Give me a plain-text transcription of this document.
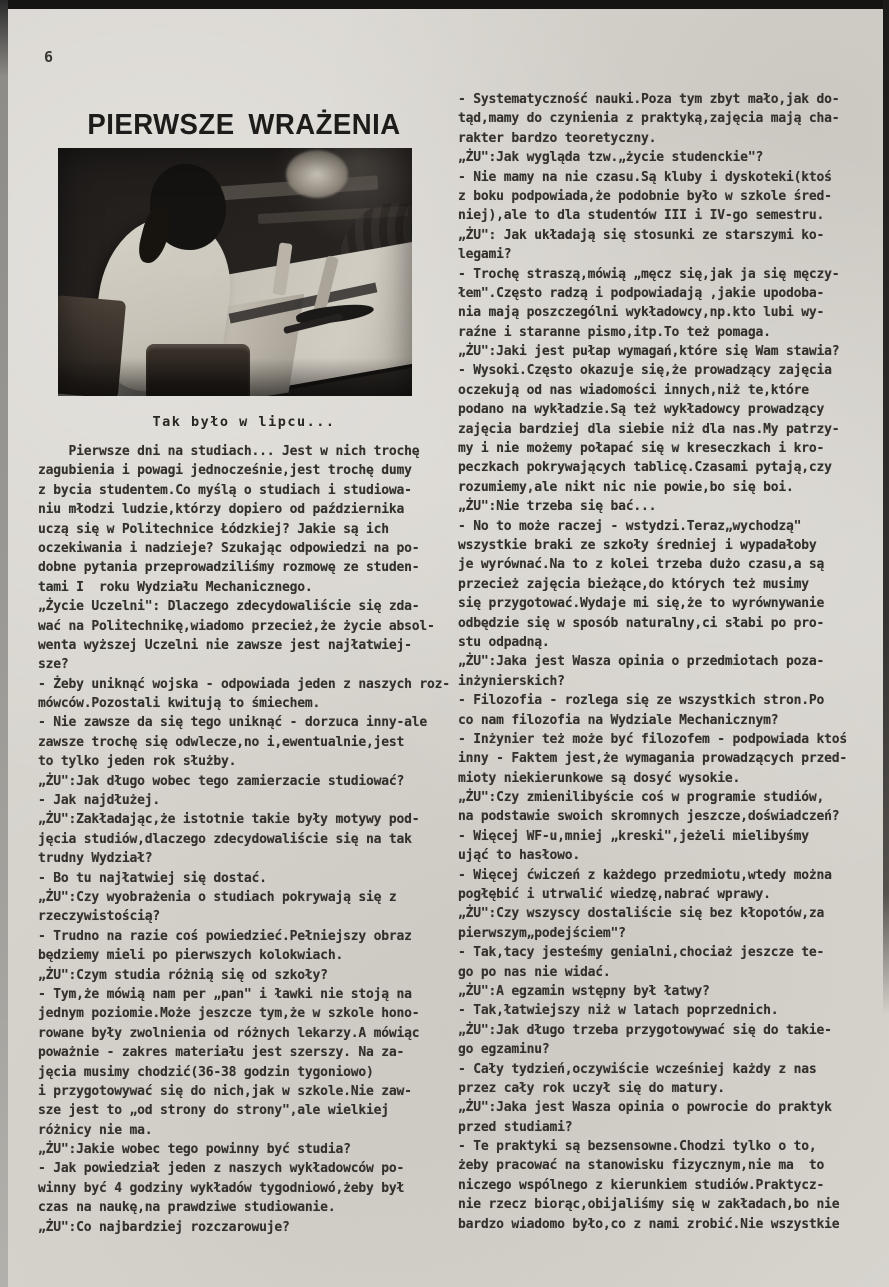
6
PIERWSZE WRAŻENIA
Tak było w lipcu...
Pierwsze dni na studiach... Jest w nich trochę
zagubienia i powagi jednocześnie,jest trochę dumy
z bycia studentem.Co myślą o studiach i studiowa-
niu młodzi ludzie,którzy dopiero od października
uczą się w Politechnice Łódzkiej? Jakie są ich
oczekiwania i nadzieje? Szukając odpowiedzi na po-
dobne pytania przeprowadziliśmy rozmowę ze studen-
tami I  roku Wydziału Mechanicznego.
„Życie Uczelni": Dlaczego zdecydowaliście się zda-
wać na Politechnikę,wiadomo przecież,że życie absol-
wenta wyższej Uczelni nie zawsze jest najłatwiej-
sze?
- Żeby uniknąć wojska - odpowiada jeden z naszych roz-
mówców.Pozostali kwitują to śmiechem.
- Nie zawsze da się tego uniknąć - dorzuca inny-ale
zawsze trochę się odwlecze,no i,ewentualnie,jest
to tylko jeden rok służby.
„ŻU":Jak długo wobec tego zamierzacie studiować?
- Jak najdłużej.
„ŻU":Zakładając,że istotnie takie były motywy pod-
jęcia studiów,dlaczego zdecydowaliście się na tak
trudny Wydział?
- Bo tu najłatwiej się dostać.
„ŻU":Czy wyobrażenia o studiach pokrywają się z
rzeczywistością?
- Trudno na razie coś powiedzieć.Pełniejszy obraz
będziemy mieli po pierwszych kolokwiach.
„ŻU":Czym studia różnią się od szkoły?
- Tym,że mówią nam per „pan" i ławki nie stoją na
jednym poziomie.Może jeszcze tym,że w szkole hono-
rowane były zwolnienia od różnych lekarzy.A mówiąc
poważnie - zakres materiału jest szerszy. Na za-
jęcia musimy chodzić(36-38 godzin tygoniowo)
i przygotowywać się do nich,jak w szkole.Nie zaw-
sze jest to „od strony do strony",ale wielkiej
różnicy nie ma.
„ŻU":Jakie wobec tego powinny być studia?
- Jak powiedział jeden z naszych wykładowców po-
winny być 4 godziny wykładów tygodniowó,żeby był
czas na naukę,na prawdziwe studiowanie.
„ŻU":Co najbardziej rozczarowuje?
- Systematyczność nauki.Poza tym zbyt mało,jak do-
tąd,mamy do czynienia z praktyką,zajęcia mają cha-
rakter bardzo teoretyczny.
„ŻU":Jak wygląda tzw.„życie studenckie"?
- Nie mamy na nie czasu.Są kluby i dyskoteki(ktoś
z boku podpowiada,że podobnie było w szkole śred-
niej),ale to dla studentów III i IV-go semestru.
„ŻU": Jak układają się stosunki ze starszymi ko-
legami?
- Trochę straszą,mówią „męcz się,jak ja się męczy-
łem".Często radzą i podpowiadają ,jakie upodoba-
nia mają poszczególni wykładowcy,np.kto lubi wy-
raźne i staranne pismo,itp.To też pomaga.
„ŻU":Jaki jest pułap wymagań,które się Wam stawia?
- Wysoki.Często okazuje się,że prowadzący zajęcia
oczekują od nas wiadomości innych,niż te,które
podano na wykładzie.Są też wykładowcy prowadzący
zajęcia bardziej dla siebie niż dla nas.My patrzy-
my i nie możemy połapać się w kreseczkach i kro-
peczkach pokrywających tablicę.Czasami pytają,czy
rozumiemy,ale nikt nic nie powie,bo się boi.
„ŻU":Nie trzeba się bać...
- No to może raczej - wstydzi.Teraz„wychodzą"
wszystkie braki ze szkoły średniej i wypadałoby
je wyrównać.Na to z kolei trzeba dużo czasu,a są
przecież zajęcia bieżące,do których też musimy
się przygotować.Wydaje mi się,że to wyrównywanie
odbędzie się w sposób naturalny,ci słabi po pro-
stu odpadną.
„ŻU":Jaka jest Wasza opinia o przedmiotach poza-
inżynierskich?
- Filozofia - rozlega się ze wszystkich stron.Po
co nam filozofia na Wydziale Mechanicznym?
- Inżynier też może być filozofem - podpowiada ktoś
inny - Faktem jest,że wymagania prowadzących przed-
mioty niekierunkowe są dosyć wysokie.
„ŻU":Czy zmienilibyście coś w programie studiów,
na podstawie swoich skromnych jeszcze,doświadczeń?
- Więcej WF-u,mniej „kreski",jeżeli mielibyśmy
ująć to hasłowo.
- Więcej ćwiczeń z każdego przedmiotu,wtedy można
pogłębić i utrwalić wiedzę,nabrać wprawy.
„ŻU":Czy wszyscy dostaliście się bez kłopotów,za
pierwszym„podejściem"?
- Tak,tacy jesteśmy genialni,chociaż jeszcze te-
go po nas nie widać.
„ŻU":A egzamin wstępny był łatwy?
- Tak,łatwiejszy niż w latach poprzednich.
„ŻU":Jak długo trzeba przygotowywać się do takie-
go egzaminu?
- Cały tydzień,oczywiście wcześniej każdy z nas
przez cały rok uczył się do matury.
„ŻU":Jaka jest Wasza opinia o powrocie do praktyk
przed studiami?
- Te praktyki są bezsensowne.Chodzi tylko o to,
żeby pracować na stanowisku fizycznym,nie ma  to
niczego wspólnego z kierunkiem studiów.Praktycz-
nie rzecz biorąc,obijaliśmy się w zakładach,bo nie
bardzo wiadomo było,co z nami zrobić.Nie wszystkie
